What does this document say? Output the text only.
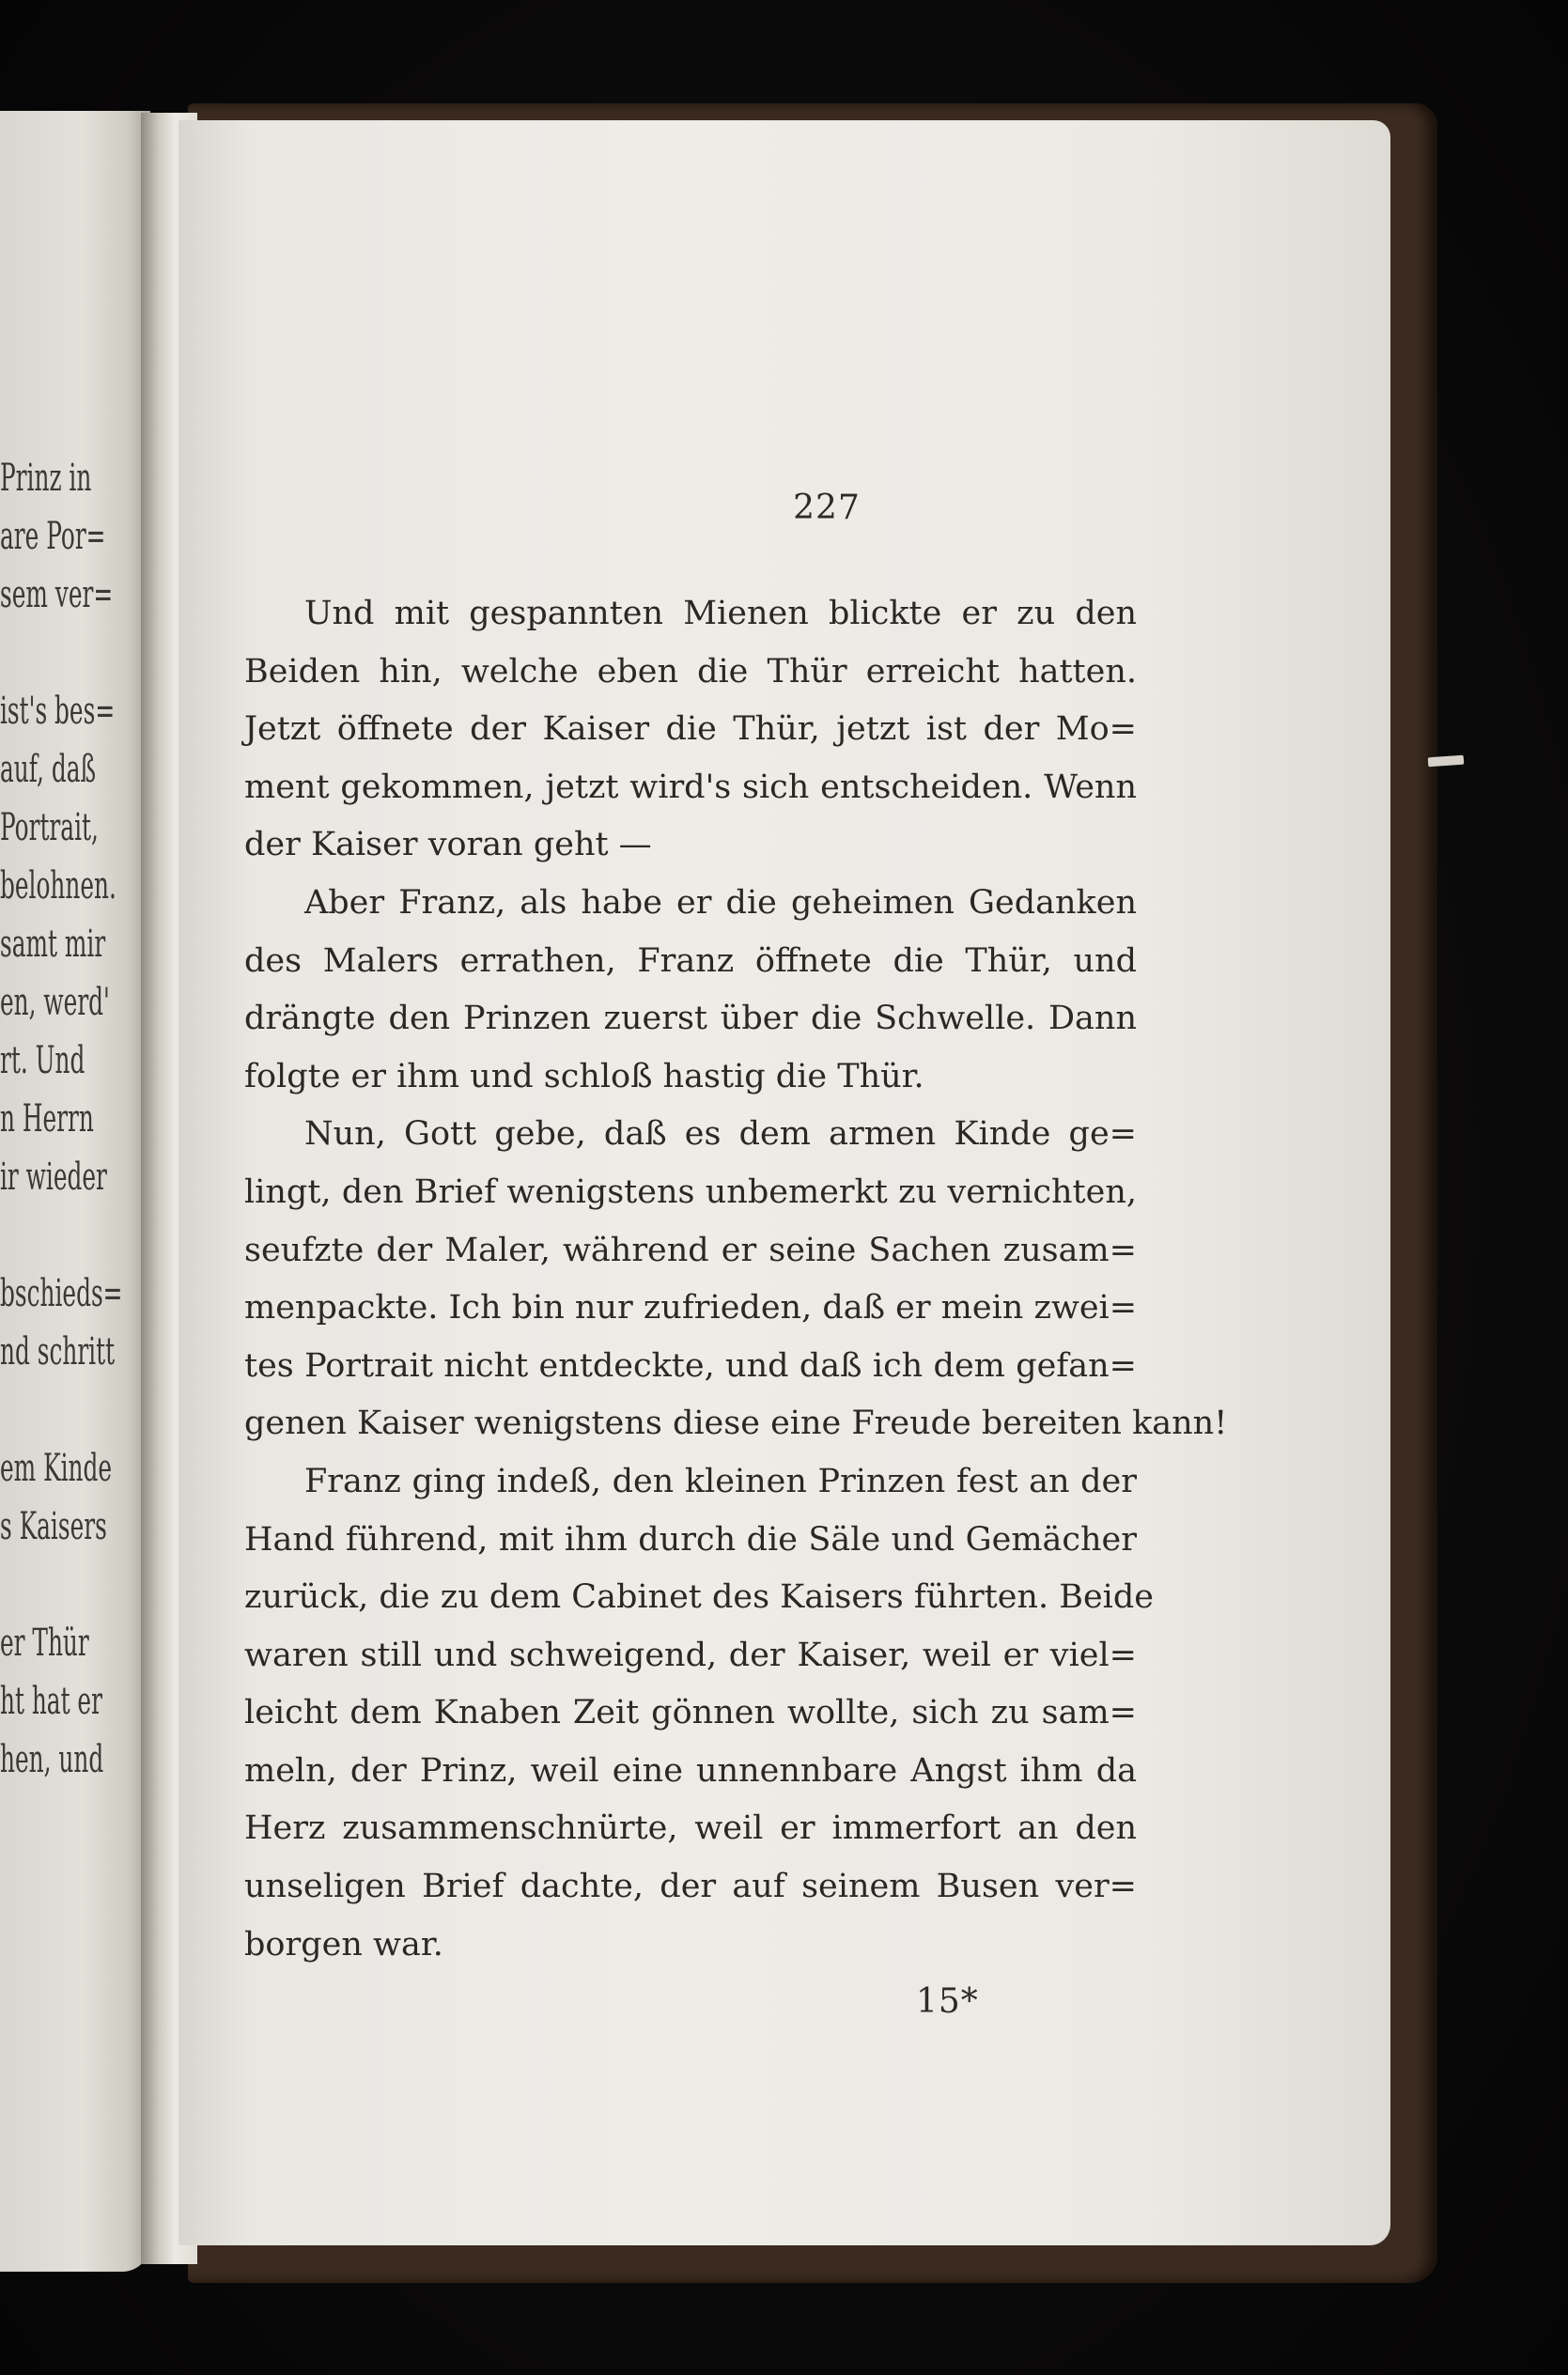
Prinz in
are Por=
sem ver=
ist's bes=
auf, daß
Portrait,
belohnen.
samt mir
en, werd'
rt. Und
n Herrn
ir wieder
bschieds=
nd schritt
em Kinde
s Kaisers
er Thür
ht hat er
hen, und
227
Und mit gespannten Mienen blickte er zu den
Beiden hin, welche eben die Thür erreicht hatten.
Jetzt öffnete der Kaiser die Thür, jetzt ist der Mo=
ment gekommen, jetzt wird's sich entscheiden. Wenn
der Kaiser voran geht —
Aber Franz, als habe er die geheimen Gedanken
des Malers errathen, Franz öffnete die Thür, und
drängte den Prinzen zuerst über die Schwelle. Dann
folgte er ihm und schloß hastig die Thür.
Nun, Gott gebe, daß es dem armen Kinde ge=
lingt, den Brief wenigstens unbemerkt zu vernichten,
seufzte der Maler, während er seine Sachen zusam=
menpackte. Ich bin nur zufrieden, daß er mein zwei=
tes Portrait nicht entdeckte, und daß ich dem gefan=
genen Kaiser wenigstens diese eine Freude bereiten kann!
Franz ging indeß, den kleinen Prinzen fest an der
Hand führend, mit ihm durch die Säle und Gemächer
zurück, die zu dem Cabinet des Kaisers führten. Beide
waren still und schweigend, der Kaiser, weil er viel=
leicht dem Knaben Zeit gönnen wollte, sich zu sam=
meln, der Prinz, weil eine unnennbare Angst ihm da
Herz zusammenschnürte, weil er immerfort an den
unseligen Brief dachte, der auf seinem Busen ver=
borgen war.
15*
